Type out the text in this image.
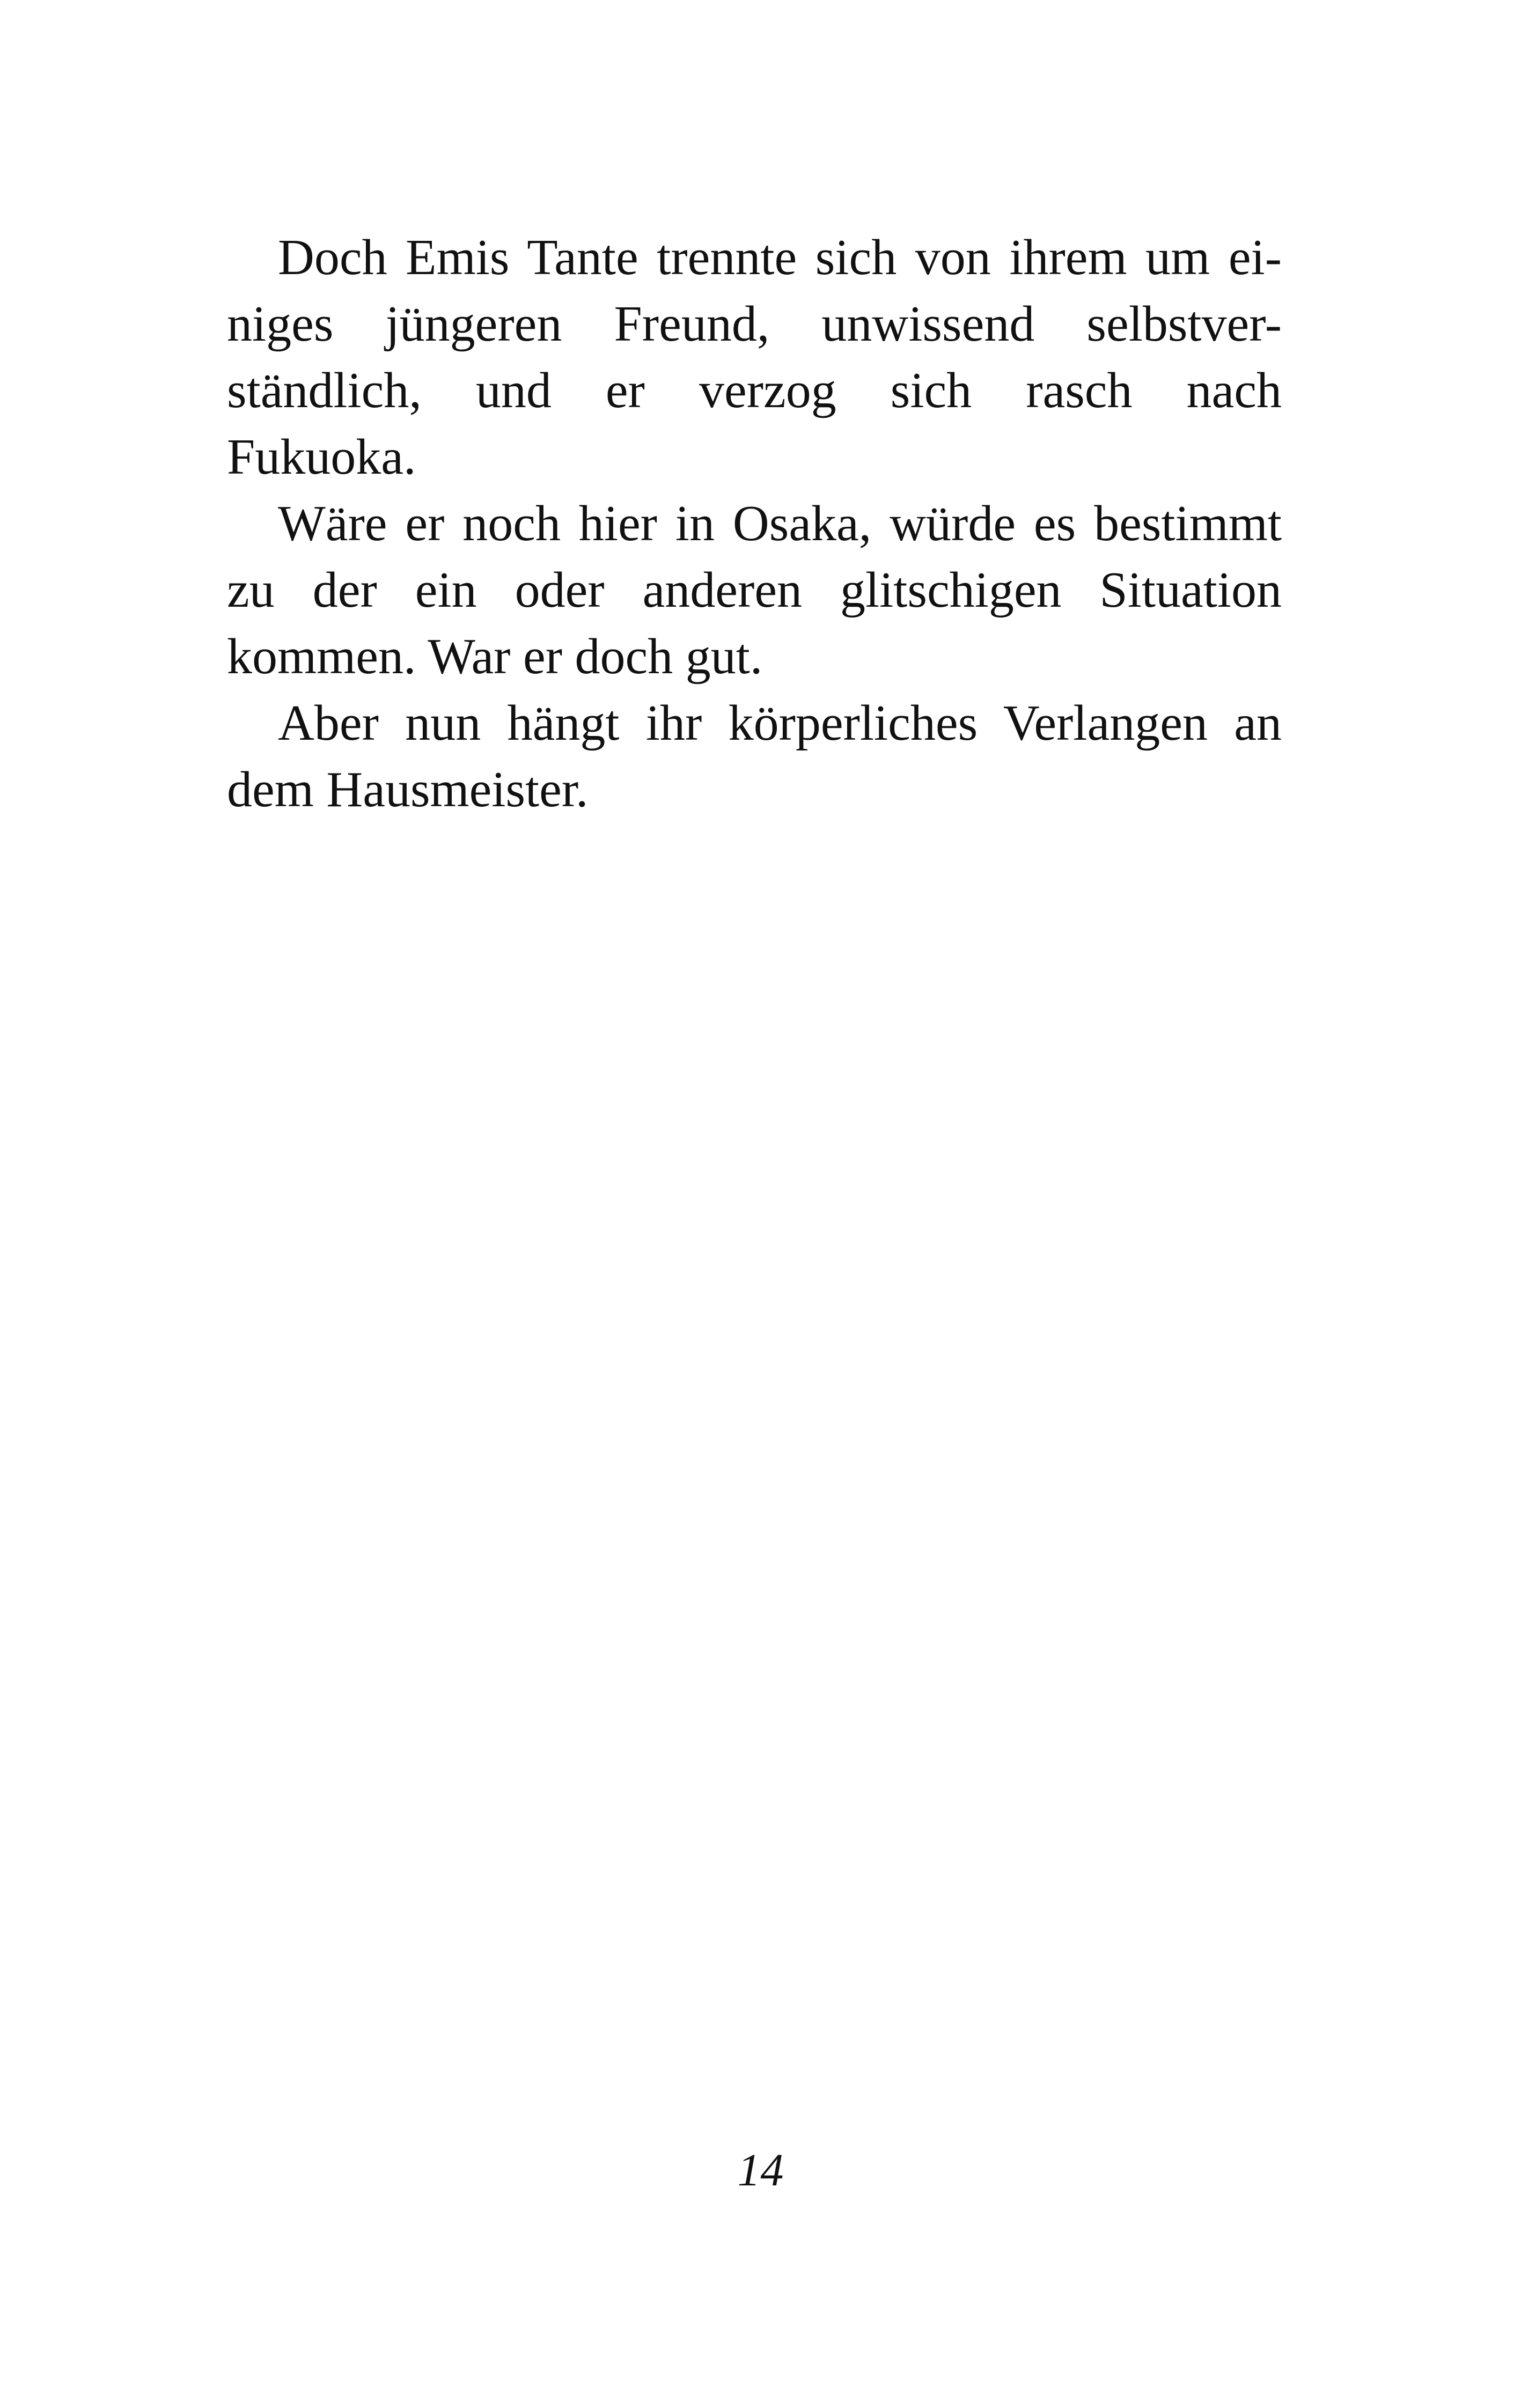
Doch Emis Tante trennte sich von ihrem um ei-
niges jüngeren Freund, unwissend selbstver-
ständlich, und er verzog sich rasch nach
Fukuoka.
Wäre er noch hier in Osaka, würde es bestimmt
zu der ein oder anderen glitschigen Situation
kommen. War er doch gut.
Aber nun hängt ihr körperliches Verlangen an
dem Hausmeister.
14
